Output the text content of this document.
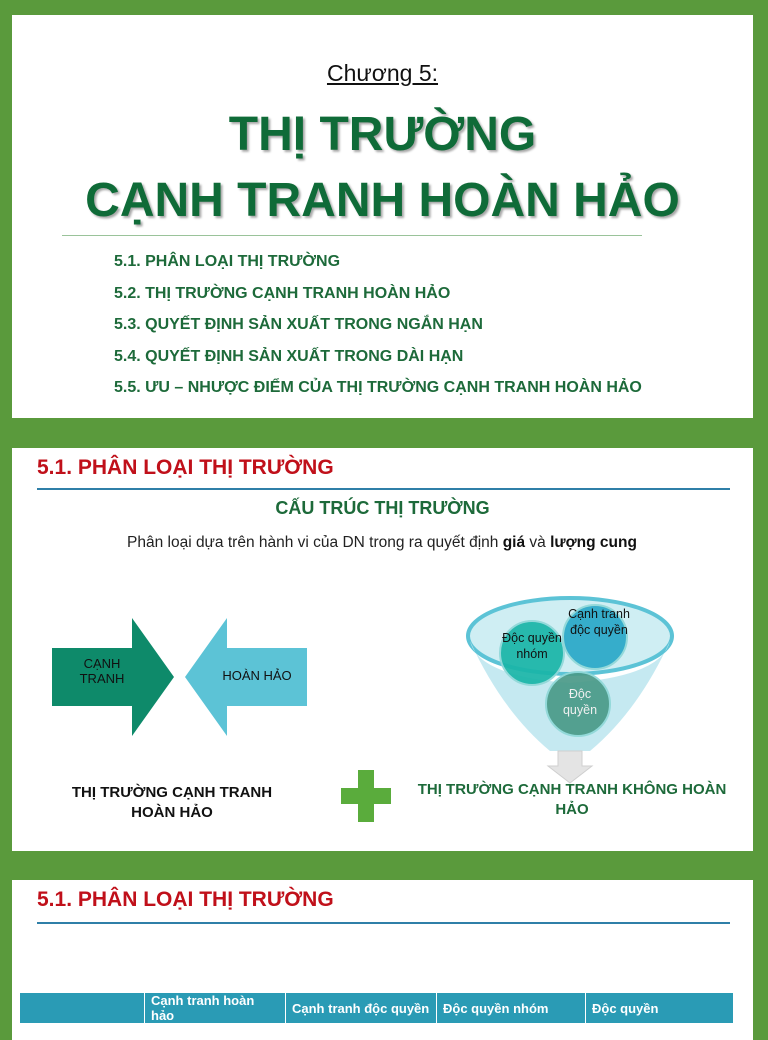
Chương 5:
THỊ TRƯỜNG
CẠNH TRANH HOÀN HẢO
5.1. PHÂN LOẠI THỊ TRƯỜNG
5.2. THỊ TRƯỜNG CẠNH TRANH HOÀN HẢO
5.3. QUYẾT ĐỊNH SẢN XUẤT TRONG NGẮN HẠN
5.4. QUYẾT ĐỊNH SẢN XUẤT TRONG DÀI HẠN
5.5. ƯU – NHƯỢC ĐIỂM CỦA THỊ TRƯỜNG CẠNH TRANH HOÀN HẢO
5.1. PHÂN LOẠI THỊ TRƯỜNG
CẤU TRÚC THỊ TRƯỜNG
Phân loại dựa trên hành vi của DN trong ra quyết định giá và lượng cung
CẠNH TRANH	HOÀN HẢO
Độc quyền nhóm
Cạnh tranh độc quyền
Độc quyền
THỊ TRƯỜNG CẠNH TRANH HOÀN HẢO
THỊ TRƯỜNG CẠNH TRANH KHÔNG HOÀN HẢO
5.1. PHÂN LOẠI THỊ TRƯỜNG
	Cạnh tranh hoàn hảo	Cạnh tranh độc quyền	Độc quyền nhóm	Độc quyền
